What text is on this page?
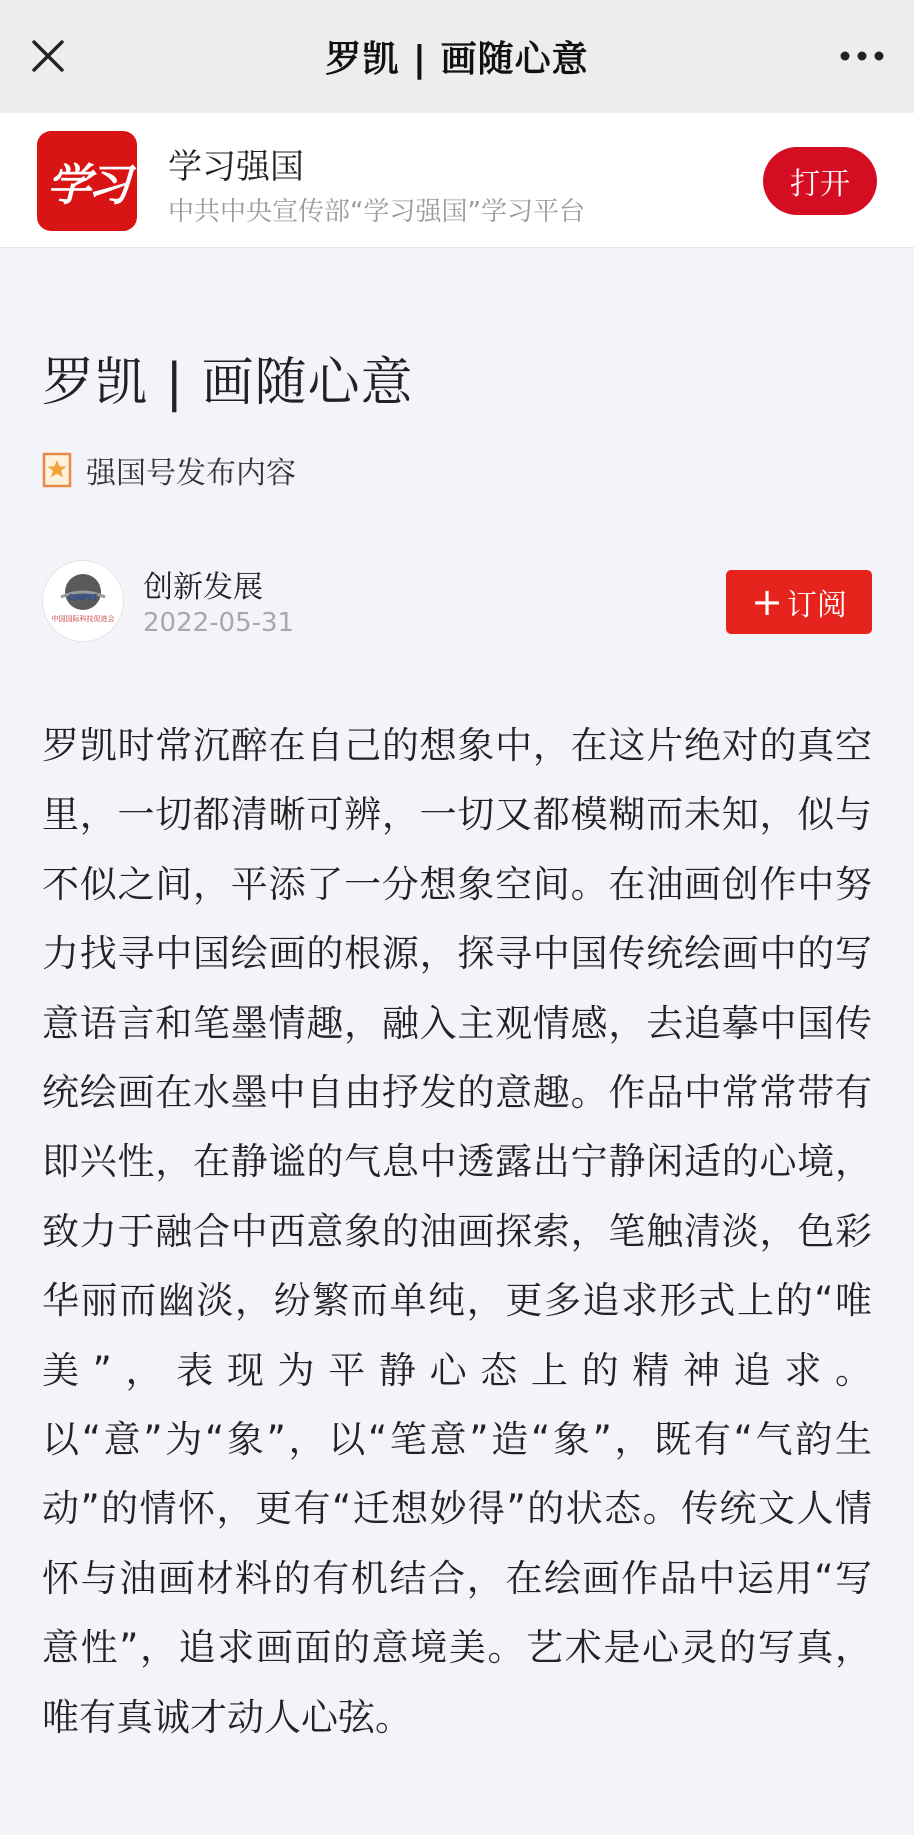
罗凯 | 画随心意
学习 学习强国
中共中央宣传部“学习强国”学习平台
打开
罗凯 | 画随心意
强国号发布内容
CIAPST
中国国际科技促进会
创新发展
2022-05-31	+ 订阅

罗凯时常沉醉在自己的想象中，在这片绝对的真空里，一切都清晰可辨，一切又都模糊而未知，似与不似之间，平添了一分想象空间。在油画创作中努力找寻中国绘画的根源，探寻中国传统绘画中的写意语言和笔墨情趣，融入主观情感，去追摹中国传统绘画在水墨中自由抒发的意趣。作品中常常带有即兴性，在静谧的气息中透露出宁静闲适的心境，致力于融合中西意象的油画探索，笔触清淡，色彩华丽而幽淡，纷繁而单纯，更多追求形式上的“唯美”，表现为平静心态上的精神追求。以“意”为“象”，以“笔意”造“象”，既有“气韵生动”的情怀，更有“迁想妙得”的状态。传统文人情怀与油画材料的有机结合，在绘画作品中运用“写意性”，追求画面的意境美。艺术是心灵的写真，唯有真诚才动人心弦。
